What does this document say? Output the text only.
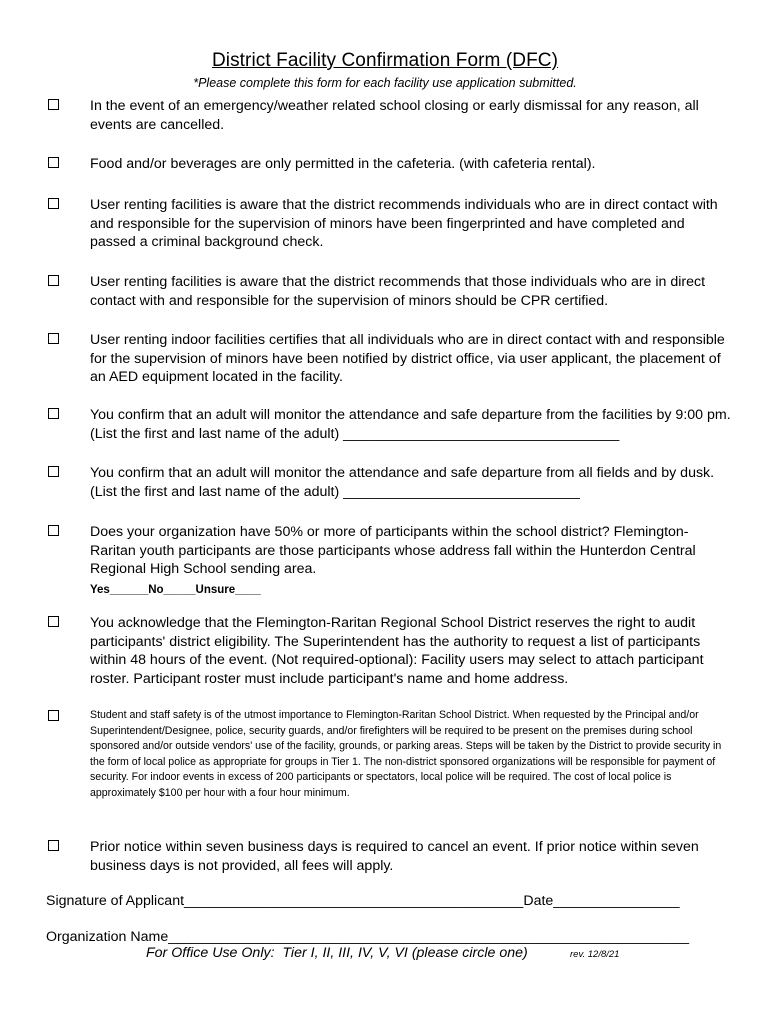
District Facility Confirmation Form (DFC)
*Please complete this form for each facility use application submitted.
In the event of an emergency/weather related school closing or early dismissal for any reason, all events are cancelled.
Food and/or beverages are only permitted in the cafeteria. (with cafeteria rental).
User renting facilities is aware that the district recommends individuals who are in direct contact with and responsible for the supervision of minors have been fingerprinted and have completed and passed a criminal background check.
User renting facilities is aware that the district recommends that those individuals who are in direct contact with and responsible for the supervision of minors should be CPR certified.
User renting indoor facilities certifies that all individuals who are in direct contact with and responsible for the supervision of minors have been notified by district office, via user applicant, the placement of an AED equipment located in the facility.
You confirm that an adult will monitor the attendance and safe departure from the facilities by 9:00 pm. (List the first and last name of the adult) ___________________________________
You confirm that an adult will monitor the attendance and safe departure from all fields and by dusk. (List the first and last name of the adult) ______________________________
Does your organization have 50% or more of participants within the school district? Flemington-Raritan youth participants are those participants whose address fall within the Hunterdon Central Regional High School sending area.
Yes______No_____Unsure____
You acknowledge that the Flemington-Raritan Regional School District reserves the right to audit participants' district eligibility. The Superintendent has the authority to request a list of participants within 48 hours of the event. (Not required-optional): Facility users may select to attach participant roster. Participant roster must include participant's name and home address.
Student and staff safety is of the utmost importance to Flemington-Raritan School District. When requested by the Principal and/or Superintendent/Designee, police, security guards, and/or firefighters will be required to be present on the premises during school sponsored and/or outside vendors' use of the facility, grounds, or parking areas. Steps will be taken by the District to provide security in the form of local police as appropriate for groups in Tier 1. The non-district sponsored organizations will be responsible for payment of security. For indoor events in excess of 200 participants or spectators, local police will be required. The cost of local police is approximately $100 per hour with a four hour minimum.
Prior notice within seven business days is required to cancel an event. If prior notice within seven business days is not provided, all fees will apply.
Signature of Applicant___________________________________________Date________________
Organization Name__________________________________________________________________
For Office Use Only:  Tier I, II, III, IV, V, VI (please circle one)	rev. 12/8/21
